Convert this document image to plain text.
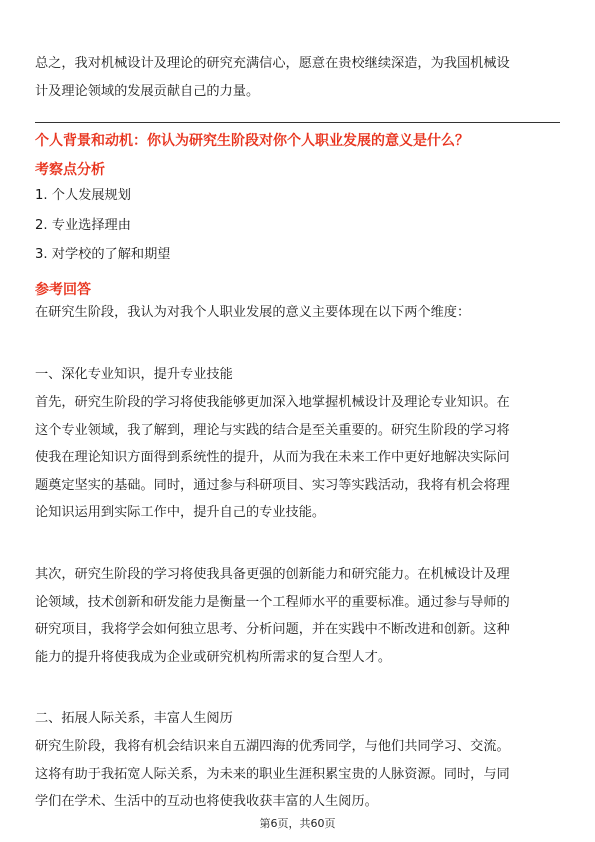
总之，我对机械设计及理论的研究充满信心，愿意在贵校继续深造，为我国机械设
计及理论领域的发展贡献自己的力量。

个人背景和动机：你认为研究生阶段对你个人职业发展的意义是什么？
考察点分析

1. 个人发展规划
2. 专业选择理由
3. 对学校的了解和期望

参考回答

在研究生阶段，我认为对我个人职业发展的意义主要体现在以下两个维度：

一、深化专业知识，提升专业技能

首先，研究生阶段的学习将使我能够更加深入地掌握机械设计及理论专业知识。在
这个专业领域，我了解到，理论与实践的结合是至关重要的。研究生阶段的学习将
使我在理论知识方面得到系统性的提升，从而为我在未来工作中更好地解决实际问
题奠定坚实的基础。同时，通过参与科研项目、实习等实践活动，我将有机会将理
论知识运用到实际工作中，提升自己的专业技能。

其次，研究生阶段的学习将使我具备更强的创新能力和研究能力。在机械设计及理
论领域，技术创新和研发能力是衡量一个工程师水平的重要标准。通过参与导师的
研究项目，我将学会如何独立思考、分析问题，并在实践中不断改进和创新。这种
能力的提升将使我成为企业或研究机构所需求的复合型人才。

二、拓展人际关系，丰富人生阅历

研究生阶段，我将有机会结识来自五湖四海的优秀同学，与他们共同学习、交流。
这将有助于我拓宽人际关系，为未来的职业生涯积累宝贵的人脉资源。同时，与同
学们在学术、生活中的互动也将使我收获丰富的人生阅历。

第6页，共60页
